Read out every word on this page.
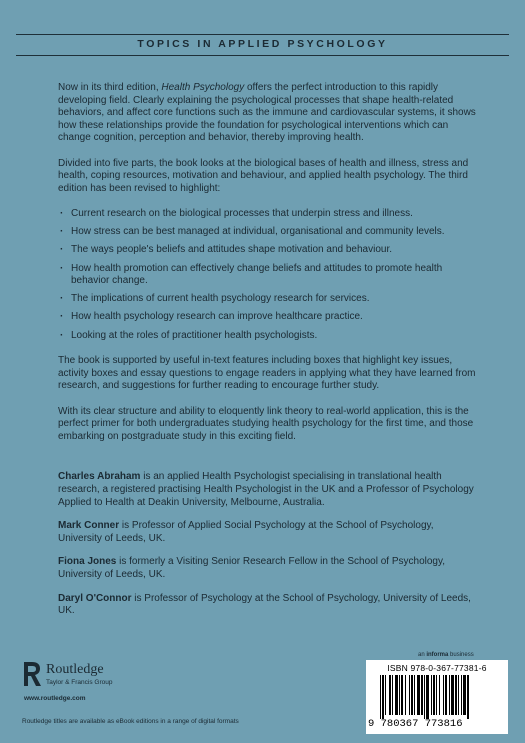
TOPICS IN APPLIED PSYCHOLOGY

Now in its third edition, Health Psychology offers the perfect introduction to this rapidly developing field. Clearly explaining the psychological processes that shape health-related behaviors, and affect core functions such as the immune and cardiovascular systems, it shows how these relationships provide the foundation for psychological interventions which can change cognition, perception and behavior, thereby improving health.

Divided into five parts, the book looks at the biological bases of health and illness, stress and health, coping resources, motivation and behaviour, and applied health psychology. The third edition has been revised to highlight:

· Current research on the biological processes that underpin stress and illness.
· How stress can be best managed at individual, organisational and community levels.
· The ways people's beliefs and attitudes shape motivation and behaviour.
· How health promotion can effectively change beliefs and attitudes to promote health behavior change.
· The implications of current health psychology research for services.
· How health psychology research can improve healthcare practice.
· Looking at the roles of practitioner health psychologists.

The book is supported by useful in-text features including boxes that highlight key issues, activity boxes and essay questions to engage readers in applying what they have learned from research, and suggestions for further reading to encourage further study.

With its clear structure and ability to eloquently link theory to real-world application, this is the perfect primer for both undergraduates studying health psychology for the first time, and those embarking on postgraduate study in this exciting field.

Charles Abraham is an applied Health Psychologist specialising in translational health research, a registered practising Health Psychologist in the UK and a Professor of Psychology Applied to Health at Deakin University, Melbourne, Australia.

Mark Conner is Professor of Applied Social Psychology at the School of Psychology, University of Leeds, UK.

Fiona Jones is formerly a Visiting Senior Research Fellow in the School of Psychology, University of Leeds, UK.

Daryl O'Connor is Professor of Psychology at the School of Psychology, University of Leeds, UK.

Routledge
Taylor & Francis Group
www.routledge.com
Routledge titles are available as eBook editions in a range of digital formats
an informa business
ISBN 978-0-367-77381-6
9 780367 773816
